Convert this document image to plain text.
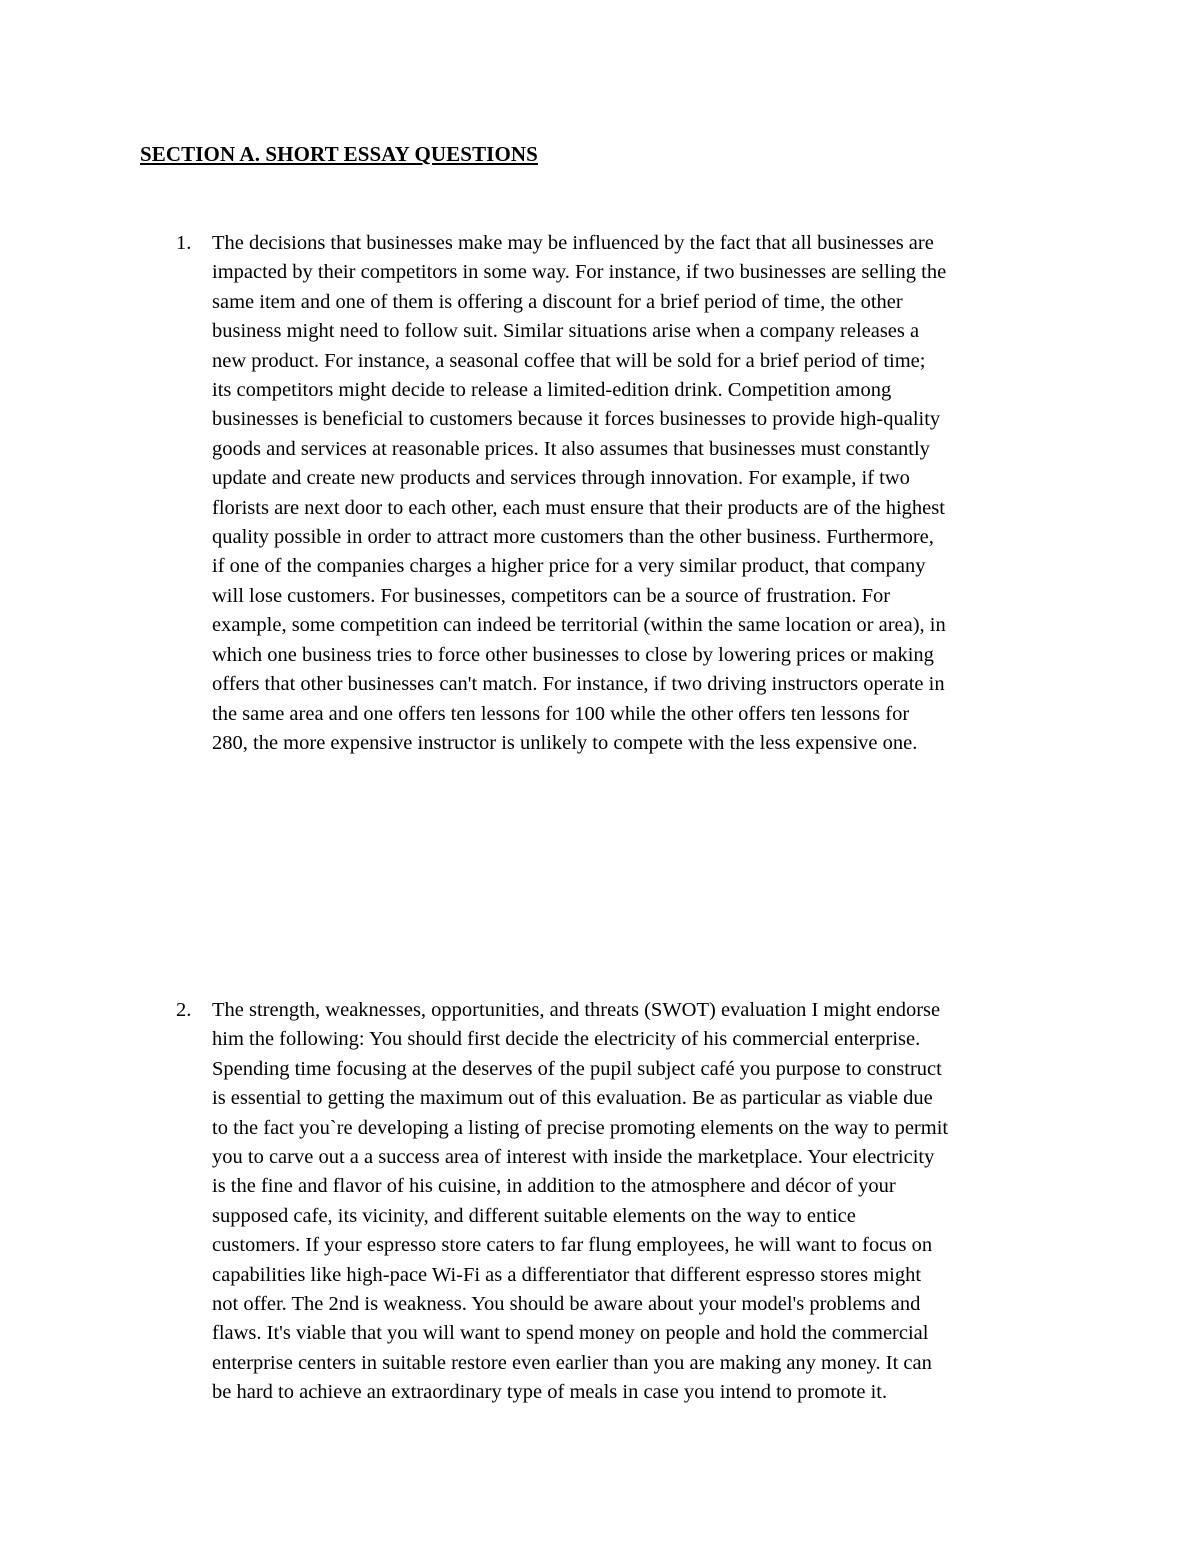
SECTION A. SHORT ESSAY QUESTIONS
1. The decisions that businesses make may be influenced by the fact that all businesses are
impacted by their competitors in some way. For instance, if two businesses are selling the
same item and one of them is offering a discount for a brief period of time, the other
business might need to follow suit. Similar situations arise when a company releases a
new product. For instance, a seasonal coffee that will be sold for a brief period of time;
its competitors might decide to release a limited-edition drink. Competition among
businesses is beneficial to customers because it forces businesses to provide high-quality
goods and services at reasonable prices. It also assumes that businesses must constantly
update and create new products and services through innovation. For example, if two
florists are next door to each other, each must ensure that their products are of the highest
quality possible in order to attract more customers than the other business. Furthermore,
if one of the companies charges a higher price for a very similar product, that company
will lose customers. For businesses, competitors can be a source of frustration. For
example, some competition can indeed be territorial (within the same location or area), in
which one business tries to force other businesses to close by lowering prices or making
offers that other businesses can't match. For instance, if two driving instructors operate in
the same area and one offers ten lessons for 100 while the other offers ten lessons for
280, the more expensive instructor is unlikely to compete with the less expensive one.
2. The strength, weaknesses, opportunities, and threats (SWOT) evaluation I might endorse
him the following: You should first decide the electricity of his commercial enterprise.
Spending time focusing at the deserves of the pupil subject café you purpose to construct
is essential to getting the maximum out of this evaluation. Be as particular as viable due
to the fact you`re developing a listing of precise promoting elements on the way to permit
you to carve out a a success area of interest with inside the marketplace. Your electricity
is the fine and flavor of his cuisine, in addition to the atmosphere and décor of your
supposed cafe, its vicinity, and different suitable elements on the way to entice
customers. If your espresso store caters to far flung employees, he will want to focus on
capabilities like high-pace Wi-Fi as a differentiator that different espresso stores might
not offer. The 2nd is weakness. You should be aware about your model's problems and
flaws. It's viable that you will want to spend money on people and hold the commercial
enterprise centers in suitable restore even earlier than you are making any money. It can
be hard to achieve an extraordinary type of meals in case you intend to promote it.
